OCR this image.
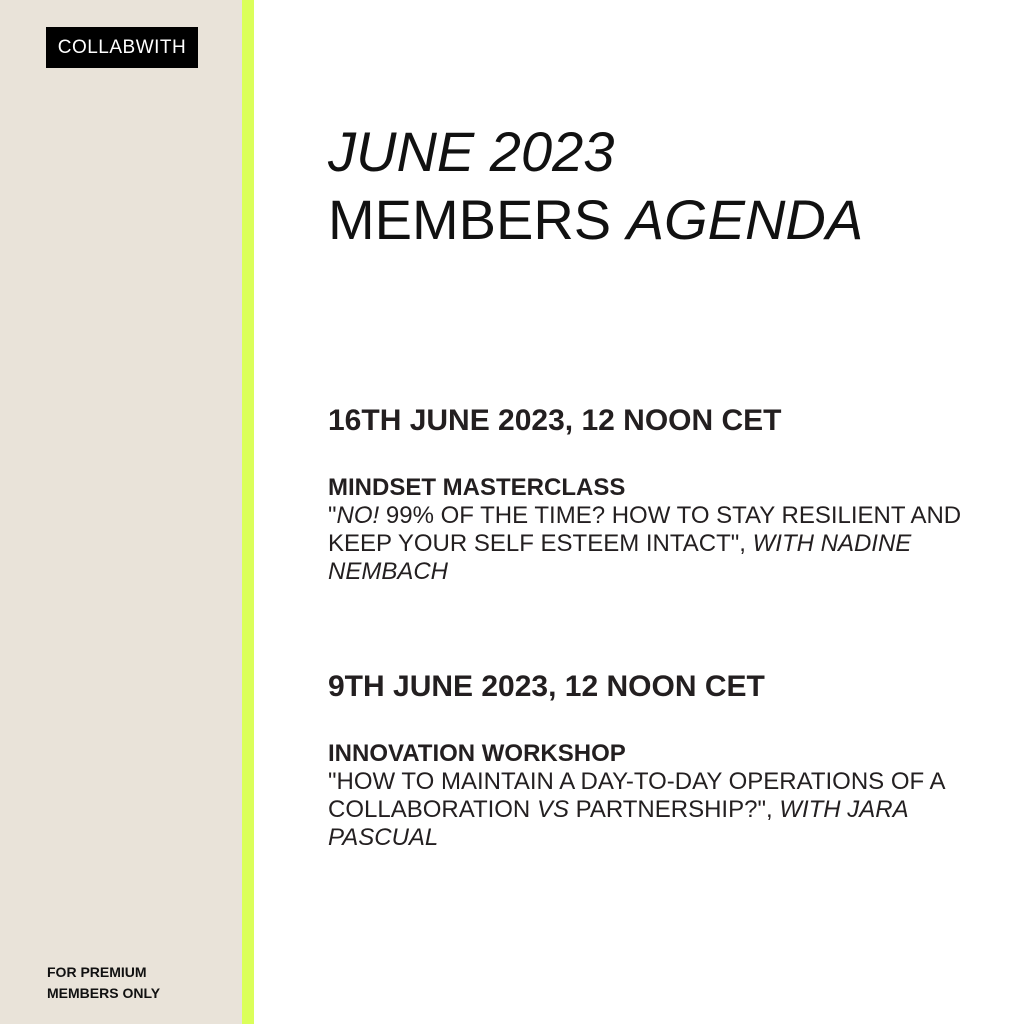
COLLABWITH
JUNE 2023
MEMBERS AGENDA
16TH JUNE 2023, 12 NOON CET
MINDSET MASTERCLASS
"NO! 99% OF THE TIME? HOW TO STAY RESILIENT AND KEEP YOUR SELF ESTEEM INTACT", WITH NADINE NEMBACH
9TH JUNE 2023, 12 NOON CET
INNOVATION WORKSHOP
"HOW TO MAINTAIN A DAY-TO-DAY OPERATIONS OF A COLLABORATION VS PARTNERSHIP?", WITH JARA PASCUAL
FOR PREMIUM
MEMBERS ONLY
